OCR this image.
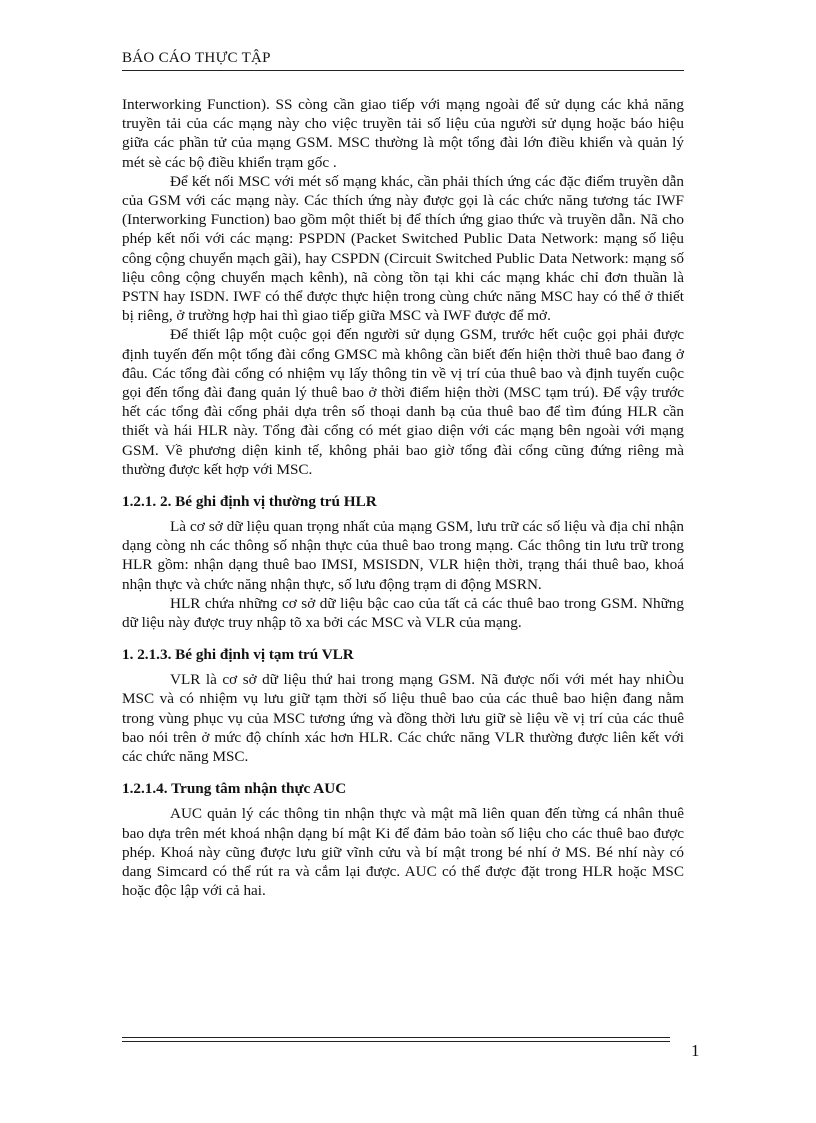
BÁO CÁO THỰC TẬP

Interworking Function). SS còng cần giao tiếp với mạng ngoài để sử dụng các khả năng truyền tải của các mạng này cho việc truyền tải số liệu của người sử dụng hoặc báo hiệu giữa các phần tử của mạng GSM. MSC thường là một tổng đài lớn điều khiển và quản lý mét sè các bộ điều khiển trạm gốc .

Để kết nối MSC với mét số mạng khác, cần phải thích ứng các đặc điểm truyền dẫn của GSM với các mạng này. Các thích ứng này được gọi là các chức năng tương tác IWF (Interworking Function) bao gồm một thiết bị để thích ứng giao thức và truyền dẫn. Nã cho phép kết nối với các mạng: PSPDN (Packet Switched Public Data Network: mạng số liệu công cộng chuyển mạch gãi), hay CSPDN (Circuit Switched Public Data Network: mạng số liệu công cộng chuyển mạch kênh), nã còng tồn tại khi các mạng khác chỉ đơn thuần là PSTN hay ISDN. IWF có thể được thực hiện trong cùng chức năng MSC hay có thể ở thiết bị riêng, ở trường hợp hai thì giao tiếp giữa MSC và IWF được để mở.

Để thiết lập một cuộc gọi đến người sử dụng GSM, trước hết cuộc gọi phải được định tuyến đến một tổng đài cổng GMSC mà không cần biết đến hiện thời thuê bao đang ở đâu. Các tổng đài cổng có nhiệm vụ lấy thông tin về vị trí của thuê bao và định tuyến cuộc gọi đến tổng đài đang quản lý thuê bao ở thời điểm hiện thời (MSC tạm trú). Để vậy trước hết các tổng đài cổng phải dựa trên số thoại danh bạ của thuê bao để tìm đúng HLR cần thiết và hái HLR này. Tổng đài cổng có mét giao diện với các mạng bên ngoài với mạng GSM. Về phương diện kinh tế, không phải bao giờ tổng đài cổng cũng đứng riêng mà thường được kết hợp với MSC.

1.2.1. 2. Bé ghi định vị thường trú HLR

Là cơ sở dữ liệu quan trọng nhất của mạng GSM, lưu trữ các số liệu và địa chỉ nhận dạng còng nh các thông số nhận thực của thuê bao trong mạng. Các thông tin lưu trữ trong HLR gồm: nhận dạng thuê bao IMSI, MSISDN, VLR hiện thời, trạng thái thuê bao, khoá nhận thực và chức năng nhận thực, số lưu động trạm di động MSRN.

HLR chứa những cơ sở dữ liệu bậc cao của tất cả các thuê bao trong GSM. Những dữ liệu này được truy nhập tõ xa bởi các MSC và VLR của mạng.

1. 2.1.3. Bé ghi định vị tạm trú VLR

VLR là cơ sở dữ liệu thứ hai trong mạng GSM. Nã được nối với mét hay nhiÒu MSC và có nhiệm vụ lưu giữ tạm thời số liệu thuê bao của các thuê bao hiện đang nằm trong vùng phục vụ của MSC tương ứng và đồng thời lưu giữ sè liệu về vị trí của các thuê bao nói trên ở mức độ chính xác hơn HLR. Các chức năng VLR thường được liên kết với các chức năng MSC.

1.2.1.4. Trung tâm nhận thực AUC

AUC quản lý các thông tin nhận thực và mật mã liên quan đến từng cá nhân thuê bao dựa trên mét khoá nhận dạng bí mật Ki để đảm bảo toàn số liệu cho các thuê bao được phép. Khoá này cũng được lưu giữ vĩnh cửu và bí mật trong bé nhí ở MS. Bé nhí này có dang Simcard có thể rút ra và cắm lại được. AUC có thể được đặt trong HLR hoặc MSC hoặc độc lập với cả hai.

1
